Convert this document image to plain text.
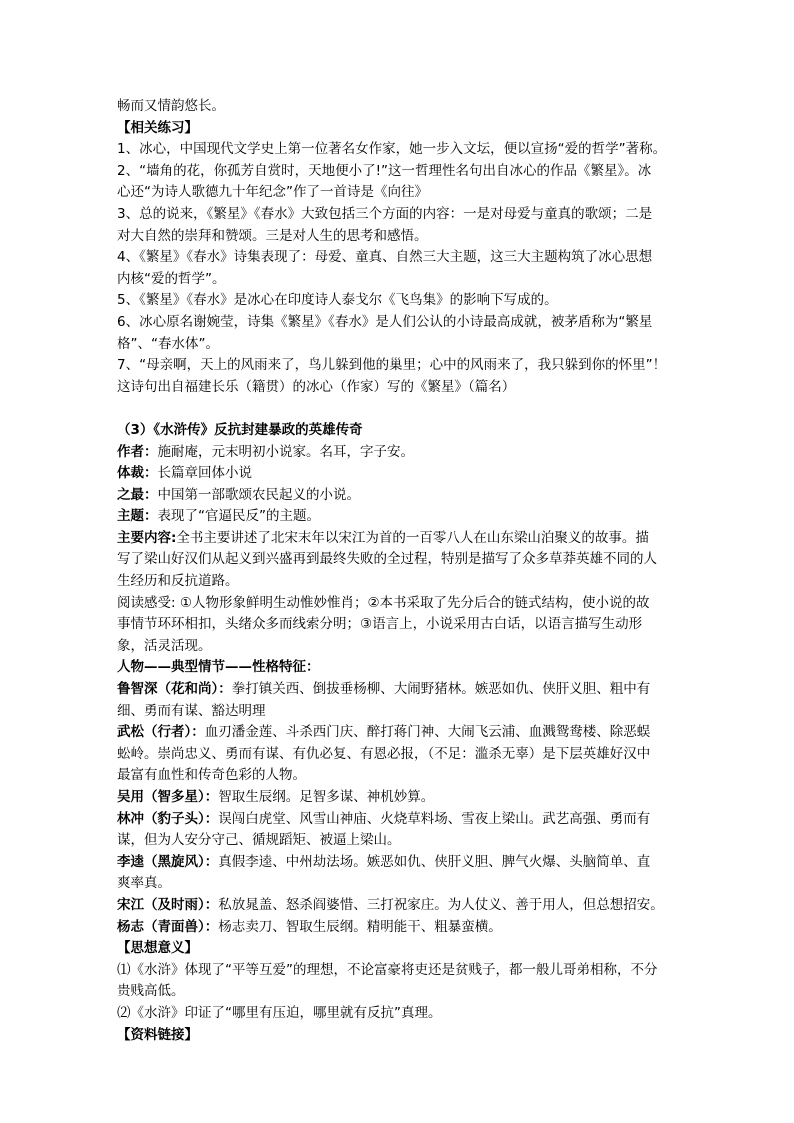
畅而又情韵悠长。

【相关练习】

1、冰心，中国现代文学史上第一位著名女作家，她一步入文坛，便以宣扬“爱的哲学”著称。

2、“墙角的花，你孤芳自赏时，天地便小了!”这一哲理性名句出自冰心的作品《繁星》。冰

心还“为诗人歌德九十年纪念”作了一首诗是《向往》

3、总的说来，《繁星》《春水》大致包括三个方面的内容：一是对母爱与童真的歌颂；二是

对大自然的崇拜和赞颂。三是对人生的思考和感悟。

4、《繁星》《春水》诗集表现了：母爱、童真、自然三大主题，这三大主题构筑了冰心思想

内核“爱的哲学”。

5、《繁星》《春水》是冰心在印度诗人泰戈尔《飞鸟集》的影响下写成的。

6、冰心原名谢婉莹，诗集《繁星》《春水》是人们公认的小诗最高成就，被茅盾称为“繁星

格”、“春水体”。

7、“母亲啊，天上的风雨来了，鸟儿躲到他的巢里；心中的风雨来了，我只躲到你的怀里”！

这诗句出自福建长乐（籍贯）的冰心（作家）写的《繁星》（篇名）

（3）《水浒传》反抗封建暴政的英雄传奇

作者：施耐庵，元末明初小说家。名耳，字子安。

体裁：长篇章回体小说

之最：中国第一部歌颂农民起义的小说。

主题：表现了“官逼民反”的主题。

主要内容:全书主要讲述了北宋末年以宋江为首的一百零八人在山东梁山泊聚义的故事。描

写了梁山好汉们从起义到兴盛再到最终失败的全过程，特别是描写了众多草莽英雄不同的人

生经历和反抗道路。

阅读感受: ①人物形象鲜明生动惟妙惟肖；②本书采取了先分后合的链式结构，使小说的故

事情节环环相扣，头绪众多而线索分明；③语言上，小说采用古白话，以语言描写生动形

象，活灵活现。

人物——典型情节——性格特征：

鲁智深（花和尚）：拳打镇关西、倒拔垂杨柳、大闹野猪林。嫉恶如仇、侠肝义胆、粗中有

细、勇而有谋、豁达明理

武松（行者）：血刃潘金莲、斗杀西门庆、醉打蒋门神、大闹飞云浦、血溅鸳鸯楼、除恶蜈

蚣岭。崇尚忠义、勇而有谋、有仇必复、有恩必报，（不足：滥杀无辜）是下层英雄好汉中

最富有血性和传奇色彩的人物。

吴用（智多星）：智取生辰纲。足智多谋、神机妙算。

林冲（豹子头）：误闯白虎堂、风雪山神庙、火烧草料场、雪夜上梁山。武艺高强、勇而有

谋，但为人安分守己、循规蹈矩、被逼上梁山。

李逵（黑旋风）：真假李逵、中州劫法场。嫉恶如仇、侠肝义胆、脾气火爆、头脑简单、直

爽率真。

宋江（及时雨）：私放晁盖、怒杀阎婆惜、三打祝家庄。为人仗义、善于用人，但总想招安。

杨志（青面兽）：杨志卖刀、智取生辰纲。精明能干、粗暴蛮横。

【思想意义】

⑴《水浒》体现了“平等互爱”的理想，不论富豪将吏还是贫贱子，都一般儿哥弟相称，不分

贵贱高低。

⑵《水浒》印证了“哪里有压迫，哪里就有反抗”真理。

【资料链接】
